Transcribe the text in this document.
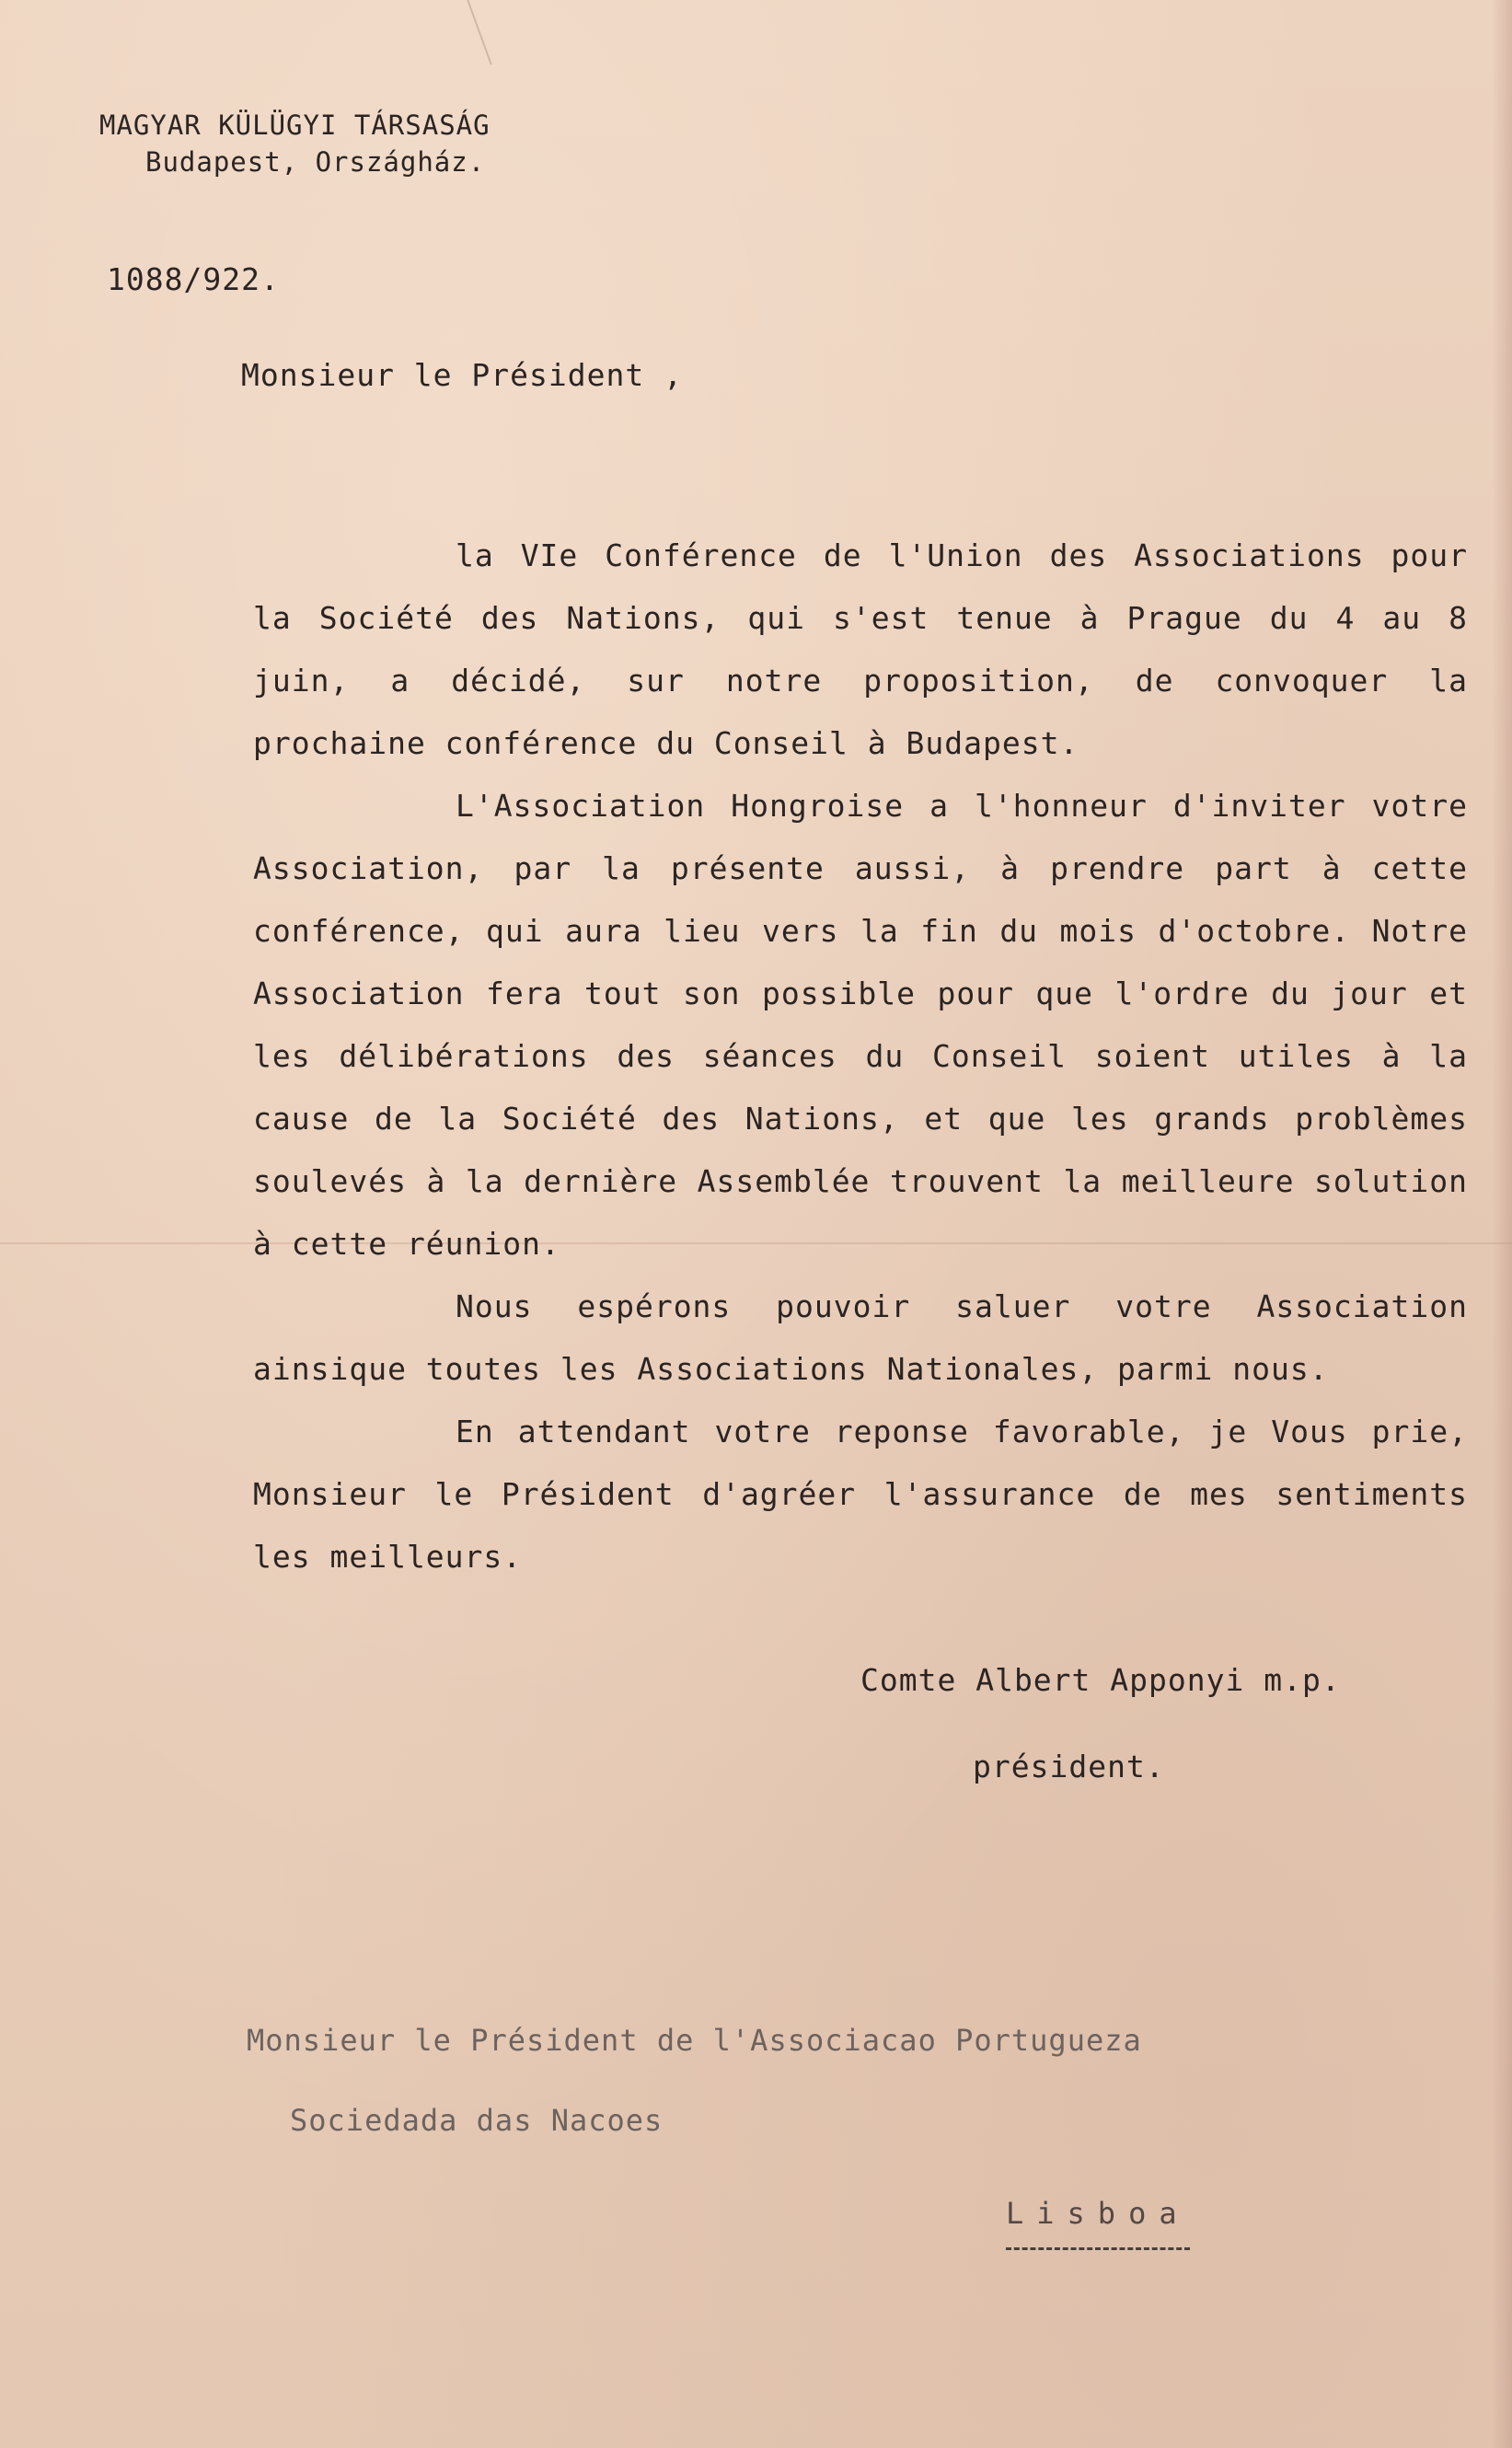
MAGYAR KÜLÜGYI TÁRSASÁG
Budapest, Országház.
1088/922.
Monsieur le Président ,

la VIe Conférence de l'Union des Associations pour la Société des Nations, qui s'est tenue à Prague du 4 au 8 juin, a décidé, sur notre proposition, de convoquer la prochaine conférence du Conseil à Budapest.

L'Association Hongroise a l'honneur d'inviter votre Association, par la présente aussi, à prendre part à cette conférence, qui aura lieu vers la fin du mois d'octobre. Notre Association fera tout son possible pour que l'ordre du jour et les délibérations des séances du Conseil soient utiles à la cause de la Société des Nations, et que les grands problèmes soulevés à la dernière Assemblée trouvent la meilleure solution à cette réunion.

Nous espérons pouvoir saluer votre Association ainsique toutes les Associations Nationales, parmi nous.

En attendant votre reponse favorable, je Vous prie, Monsieur le Président d'agréer l'assurance de mes sentiments les meilleurs.

Comte Albert Apponyi m.p.
président.
Monsieur le Président de l'Associacao Portugueza
Sociedada das Nacoes
Lisboa
